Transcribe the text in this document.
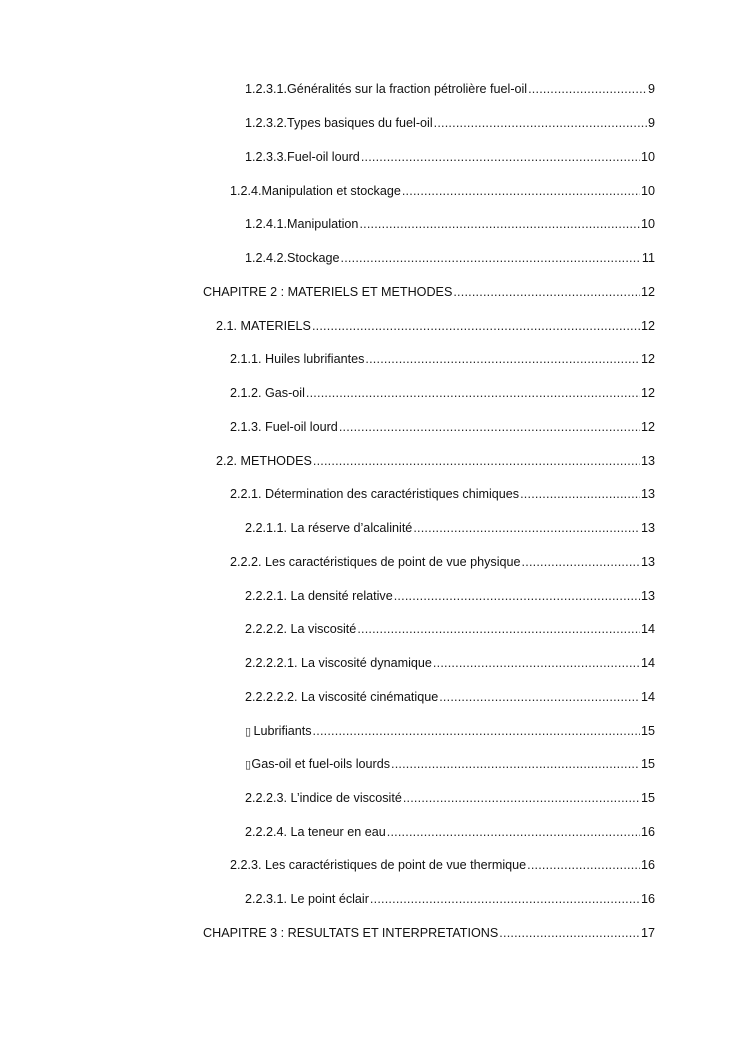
1.2.3.1. Généralités sur la fraction pétrolière fuel-oil .....	9
1.2.3.2. Types basiques du fuel-oil .....	9
1.2.3.3. Fuel-oil lourd .....	10
1.2.4. Manipulation et stockage .....	10
1.2.4.1. Manipulation .....	10
1.2.4.2. Stockage .....	11
CHAPITRE 2 : MATERIELS ET METHODES .....	12
2.1. MATERIELS .....	12
2.1.1. Huiles lubrifiantes .....	12
2.1.2. Gas-oil .....	12
2.1.3. Fuel-oil lourd .....	12
2.2. METHODES .....	13
2.2.1. Détermination des caractéristiques chimiques .....	13
2.2.1.1. La réserve d’alcalinité .....	13
2.2.2. Les caractéristiques de point de vue physique .....	13
2.2.2.1. La densité relative .....	13
2.2.2.2. La viscosité .....	14
2.2.2.2.1. La viscosité dynamique .....	14
2.2.2.2.2. La viscosité cinématique .....	14
▯ Lubrifiants .....	15
▯ Gas-oil et fuel-oils lourds .....	15
2.2.2.3. L’indice de viscosité .....	15
2.2.2.4. La teneur en eau .....	16
2.2.3. Les caractéristiques de point de vue thermique .....	16
2.2.3.1. Le point éclair .....	16
CHAPITRE 3 : RESULTATS ET INTERPRETATIONS .....	17
